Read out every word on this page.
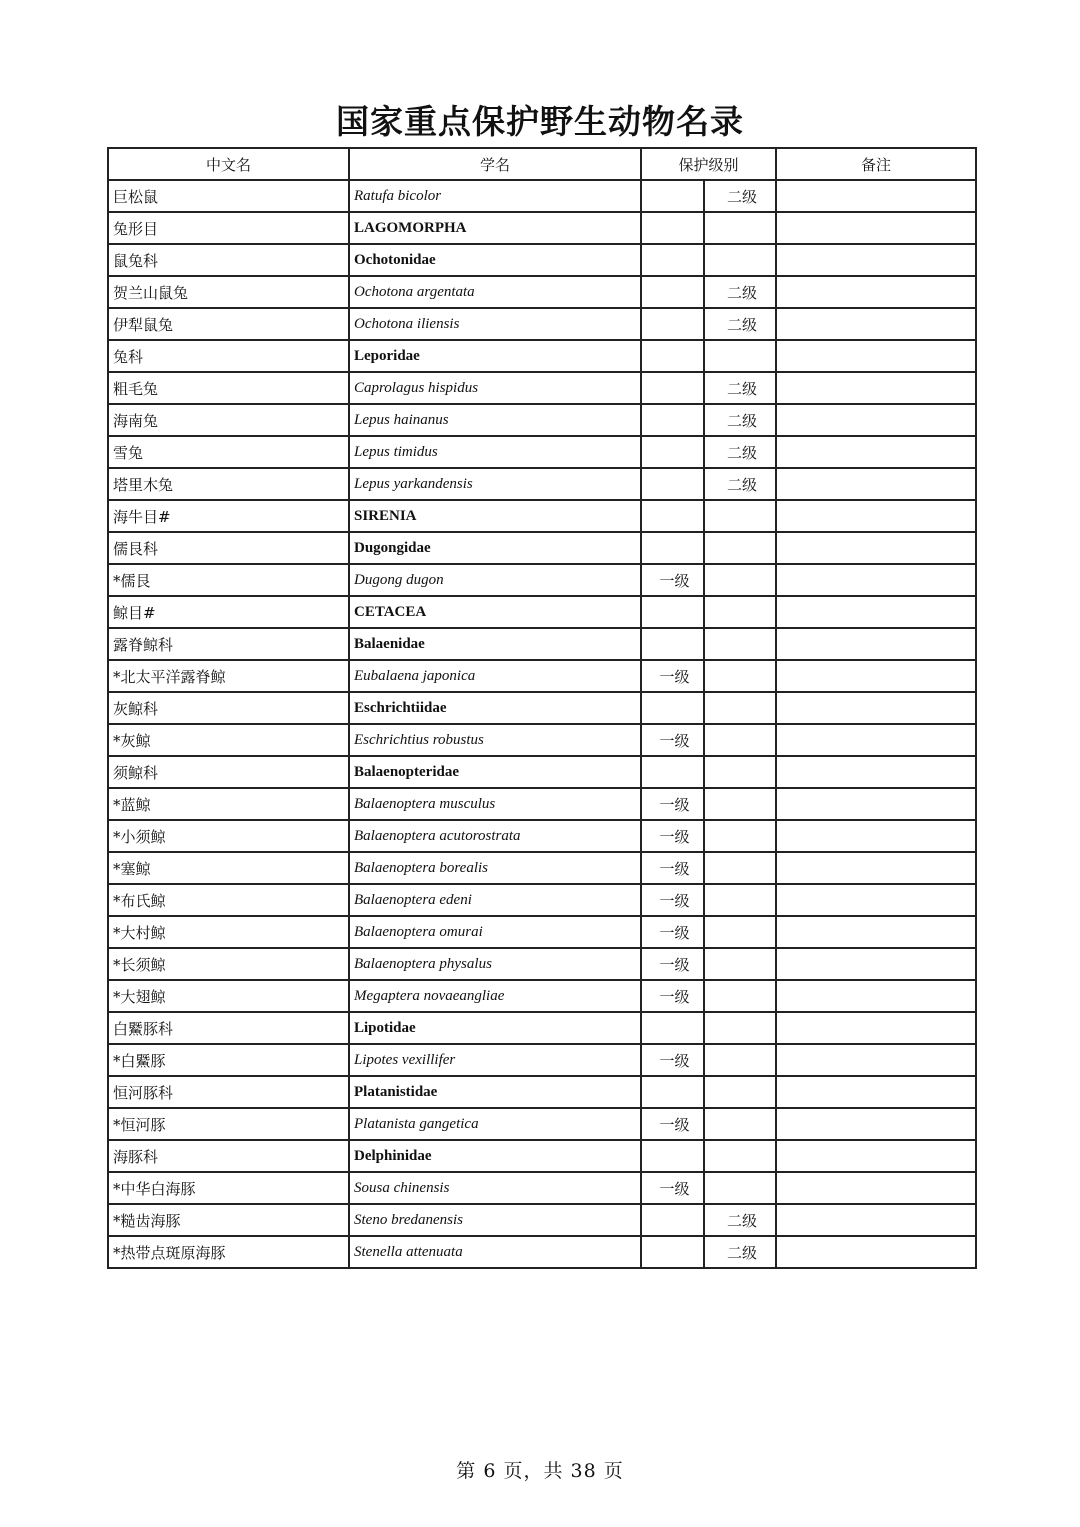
国家重点保护野生动物名录
中文名	学名	保护级别		备注
巨松鼠	Ratufa bicolor		二级	
兔形目	LAGOMORPHA			
鼠兔科	Ochotonidae			
贺兰山鼠兔	Ochotona argentata		二级	
伊犁鼠兔	Ochotona iliensis		二级	
兔科	Leporidae			
粗毛兔	Caprolagus hispidus		二级	
海南兔	Lepus hainanus		二级	
雪兔	Lepus timidus		二级	
塔里木兔	Lepus yarkandensis		二级	
海牛目#	SIRENIA			
儒艮科	Dugongidae			
*儒艮	Dugong dugon	一级		
鲸目#	CETACEA			
露脊鲸科	Balaenidae			
*北太平洋露脊鲸	Eubalaena japonica	一级		
灰鲸科	Eschrichtiidae			
*灰鲸	Eschrichtius robustus	一级		
须鲸科	Balaenopteridae			
*蓝鲸	Balaenoptera musculus	一级		
*小须鲸	Balaenoptera acutorostrata	一级		
*塞鲸	Balaenoptera borealis	一级		
*布氏鲸	Balaenoptera edeni	一级		
*大村鲸	Balaenoptera omurai	一级		
*长须鲸	Balaenoptera physalus	一级		
*大翅鲸	Megaptera novaeangliae	一级		
白鱀豚科	Lipotidae			
*白鱀豚	Lipotes vexillifer	一级		
恒河豚科	Platanistidae			
*恒河豚	Platanista gangetica	一级		
海豚科	Delphinidae			
*中华白海豚	Sousa chinensis	一级		
*糙齿海豚	Steno bredanensis		二级	
*热带点斑原海豚	Stenella attenuata		二级	
第 6 页，共 38 页
